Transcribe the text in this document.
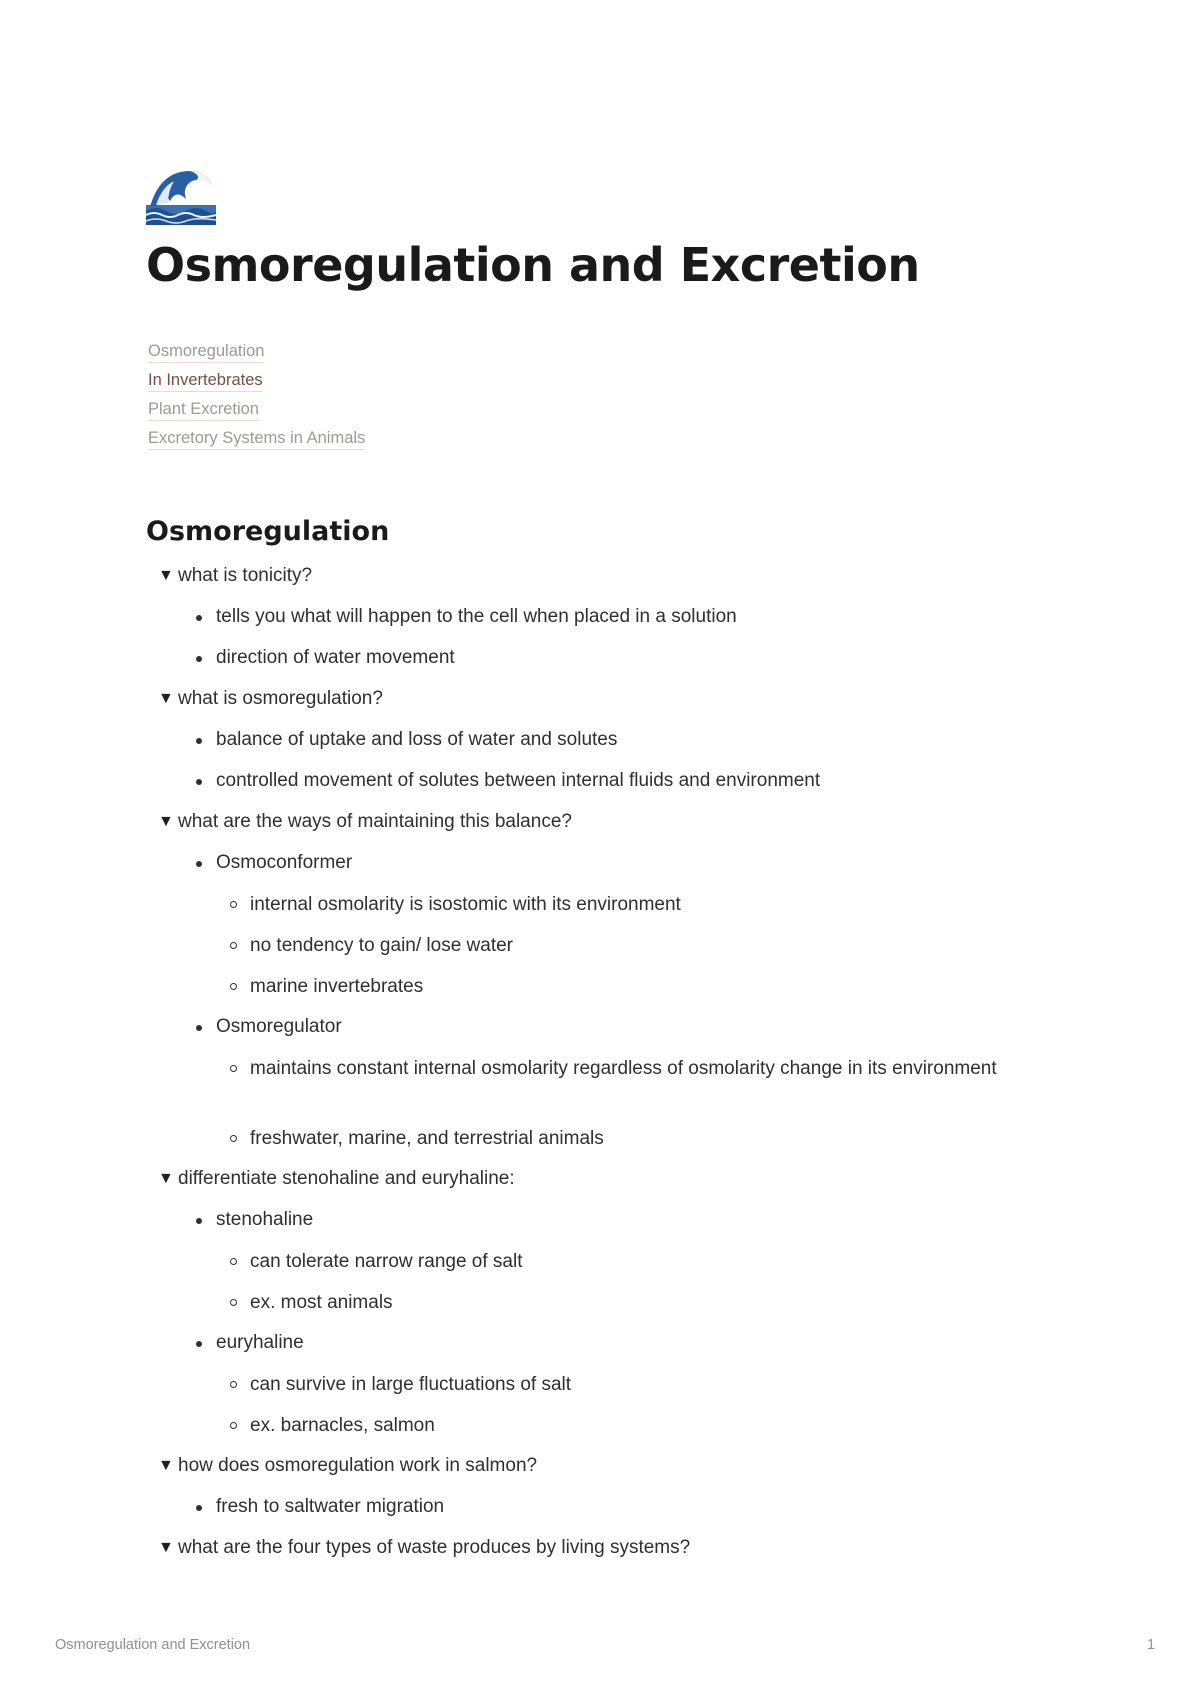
Osmoregulation and Excretion
Osmoregulation
In Invertebrates
Plant Excretion
Excretory Systems in Animals
Osmoregulation
▼ what is tonicity?
tells you what will happen to the cell when placed in a solution
direction of water movement
▼ what is osmoregulation?
balance of uptake and loss of water and solutes
controlled movement of solutes between internal fluids and environment
▼ what are the ways of maintaining this balance?
Osmoconformer
internal osmolarity is isostomic with its environment
no tendency to gain/ lose water
marine invertebrates
Osmoregulator
maintains constant internal osmolarity regardless of osmolarity change in its environment
freshwater, marine, and terrestrial animals
▼ differentiate stenohaline and euryhaline:
stenohaline
can tolerate narrow range of salt
ex. most animals
euryhaline
can survive in large fluctuations of salt
ex. barnacles, salmon
▼ how does osmoregulation work in salmon?
fresh to saltwater migration
▼ what are the four types of waste produces by living systems?
Osmoregulation and Excretion	1
